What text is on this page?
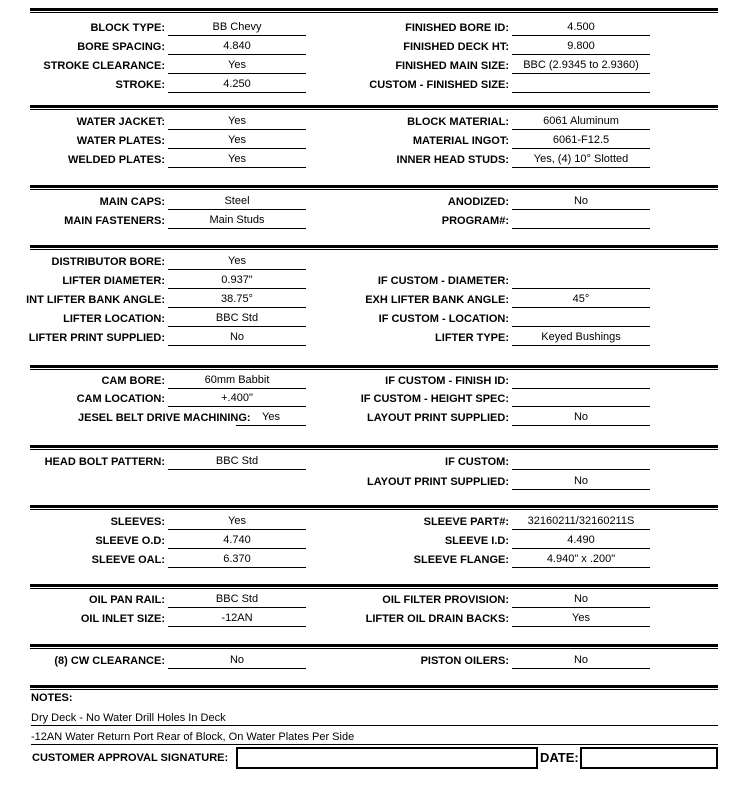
BLOCK TYPE:	BB Chevy	FINISHED BORE ID:	4.500
BORE SPACING:	4.840	FINISHED DECK HT:	9.800
STROKE CLEARANCE:	Yes	FINISHED MAIN SIZE:	BBC (2.9345 to 2.9360)
STROKE:	4.250	CUSTOM - FINISHED SIZE:
WATER JACKET:	Yes	BLOCK MATERIAL:	6061 Aluminum
WATER PLATES:	Yes	MATERIAL INGOT:	6061-F12.5
WELDED PLATES:	Yes	INNER HEAD STUDS:	Yes, (4) 10° Slotted
MAIN CAPS:	Steel	ANODIZED:	No
MAIN FASTENERS:	Main Studs	PROGRAM#:
DISTRIBUTOR BORE:	Yes
LIFTER DIAMETER:	0.937"	IF CUSTOM - DIAMETER:
INT LIFTER BANK ANGLE:	38.75°	EXH LIFTER BANK ANGLE:	45°
LIFTER LOCATION:	BBC Std	IF CUSTOM - LOCATION:
LIFTER PRINT SUPPLIED:	No	LIFTER TYPE:	Keyed Bushings
CAM BORE:	60mm Babbit	IF CUSTOM - FINISH ID:
CAM LOCATION:	+.400"	IF CUSTOM - HEIGHT SPEC:
JESEL BELT DRIVE MACHINING:	Yes	LAYOUT PRINT SUPPLIED:	No
HEAD BOLT PATTERN:	BBC Std	IF CUSTOM:
LAYOUT PRINT SUPPLIED:	No
SLEEVES:	Yes	SLEEVE PART#:	32160211/32160211S
SLEEVE O.D:	4.740	SLEEVE I.D:	4.490
SLEEVE OAL:	6.370	SLEEVE FLANGE:	4.940" x .200"
OIL PAN RAIL:	BBC Std	OIL FILTER PROVISION:	No
OIL INLET SIZE:	-12AN	LIFTER OIL DRAIN BACKS:	Yes
(8) CW CLEARANCE:	No	PISTON OILERS:	No
NOTES:
Dry Deck - No Water Drill Holes In Deck
-12AN Water Return Port Rear of Block, On Water Plates Per Side
CUSTOMER APPROVAL SIGNATURE:	DATE:
